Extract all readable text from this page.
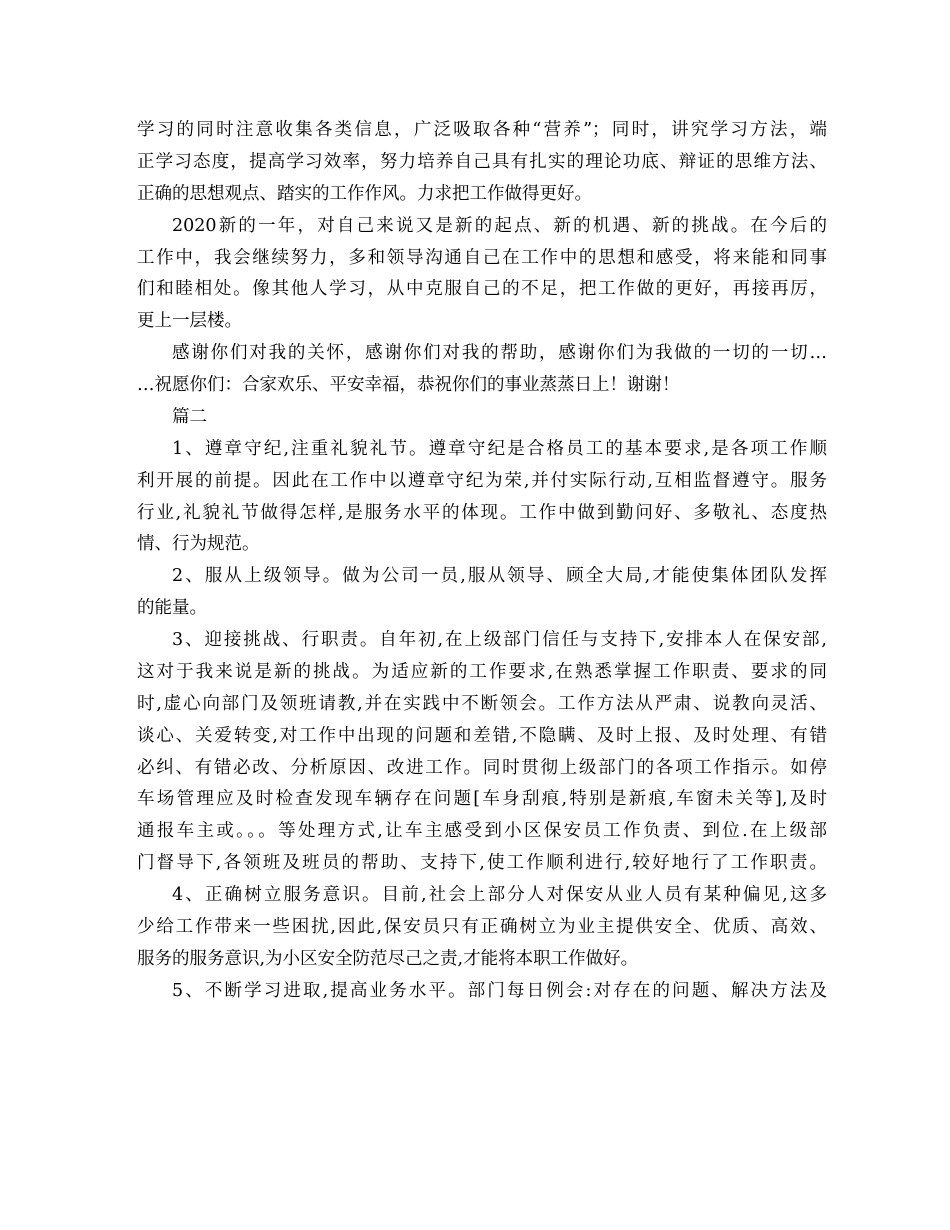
学习的同时注意收集各类信息，广泛吸取各种“营养”；同时，讲究学习方法，端
正学习态度，提高学习效率，努力培养自己具有扎实的理论功底、辩证的思维方法、
正确的思想观点、踏实的工作作风。力求把工作做得更好。
2020新的一年，对自己来说又是新的起点、新的机遇、新的挑战。在今后的
工作中，我会继续努力，多和领导沟通自己在工作中的思想和感受，将来能和同事
们和睦相处。像其他人学习，从中克服自己的不足，把工作做的更好，再接再厉，
更上一层楼。
感谢你们对我的关怀，感谢你们对我的帮助，感谢你们为我做的一切的一切…
…祝愿你们：合家欢乐、平安幸福，恭祝你们的事业蒸蒸日上！谢谢！
篇二
1、遵章守纪,注重礼貌礼节。遵章守纪是合格员工的基本要求,是各项工作顺
利开展的前提。因此在工作中以遵章守纪为荣,并付实际行动,互相监督遵守。服务
行业,礼貌礼节做得怎样,是服务水平的体现。工作中做到勤问好、多敬礼、态度热
情、行为规范。
2、服从上级领导。做为公司一员,服从领导、顾全大局,才能使集体团队发挥
的能量。
3、迎接挑战、行职责。自年初,在上级部门信任与支持下,安排本人在保安部,
这对于我来说是新的挑战。为适应新的工作要求,在熟悉掌握工作职责、要求的同
时,虚心向部门及领班请教,并在实践中不断领会。工作方法从严肃、说教向灵活、
谈心、关爱转变,对工作中出现的问题和差错,不隐瞒、及时上报、及时处理、有错
必纠、有错必改、分析原因、改进工作。同时贯彻上级部门的各项工作指示。如停
车场管理应及时检查发现车辆存在问题[车身刮痕,特别是新痕,车窗未关等],及时
通报车主或。。。等处理方式,让车主感受到小区保安员工作负责、到位.在上级部
门督导下,各领班及班员的帮助、支持下,使工作顺利进行,较好地行了工作职责。
4、正确树立服务意识。目前,社会上部分人对保安从业人员有某种偏见,这多
少给工作带来一些困扰,因此,保安员只有正确树立为业主提供安全、优质、高效、
服务的服务意识,为小区安全防范尽己之责,才能将本职工作做好。
5、不断学习进取,提高业务水平。部门每日例会:对存在的问题、解决方法及
